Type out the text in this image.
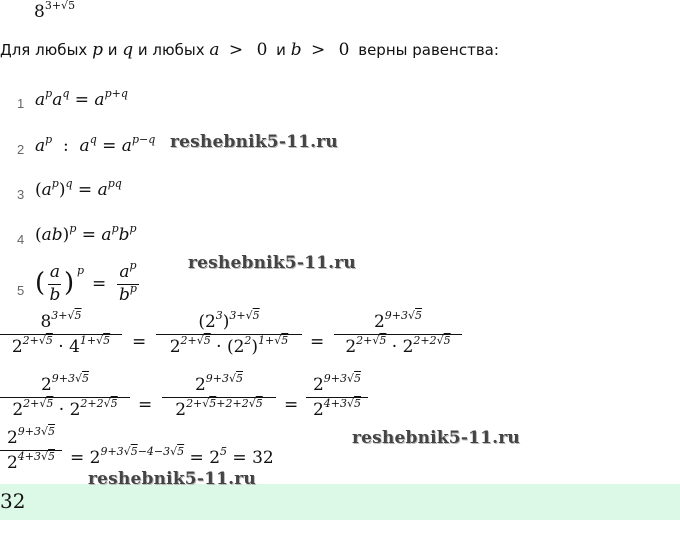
$8^{3+√5}$
Для любых p и q и любых a > 0 и b > 0 верны равенства:
1 $a^pa^q = a^{p+q}$
2 $a^p$ :  $a^q = a^{p-q}$
3 $(a^p)^q = a^{pq}$
4 $(ab)^p = a^pb^p$
5 ( a
b ) p
=
$a^p$
$b^p$
$8^{3+√5}$
$2^{2+√5} \cdot 4^{1+√5}$	=
$(2^3)^{3+√5}$
$2^{2+√5} \cdot (2^2)^{1+√5}$	=
$2^{9+3√5}$
$2^{2+√5} \cdot 2^{2+2√5}$
$2^{9+3√5}$
$2^{2+√5} \cdot 2^{2+2√5}$	=
$2^{9+3√5}$
$2^{2+√5+2+2√5}$	=
$2^{9+3√5}$
$2^{4+3√5}$
$2^{9+3√5}$
$2^{4+3√5} = 2^{9+3√5-4-3√5} = 2^5 = 32$
32
reshebnik5-11.ru
reshebnik5-11.ru
reshebnik5-11.ru
reshebnik5-11.ru
